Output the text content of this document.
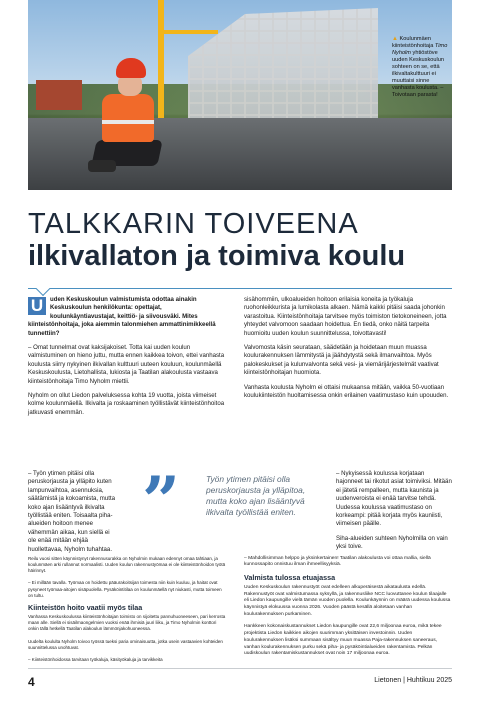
▲ Koulunmäen kiinteistönhoitaja Timo Nyholm yhtiöstöve uuden Keskuskoulun sohteen on se, että ilkivaltakulttuuri ei muuttaisi sinne vanhasta koulusta. – Toivotaan parasta!
TALKKARIN TOIVEENA
ilkivallaton ja toimiva koulu

U	uden Keskuskoulun valmistumista odottaa ainakin Keskuskoulun henkilökunta: opettajat, koulunkäyntiavustajat, keittiö- ja siivousväki. Mites kiinteistönhoitaja, joka aiemmin talonmiehen ammattinimikkeellä tunnettiin?

– Omat tunnelmat ovat kaksijakoiset. Totta kai uuden koulun valmistuminen on hieno juttu, mutta ennen kaikkea toivon, ettei vanhasta koulusta siirry nykyinen ilkivallan kulttuuri uuteen kouluun, koulunmäellä Keskuskoulusta, Lietohallista, lukiosta ja Taatilan alakoulusta vastaava kiinteistönhoitaja Timo Nyholm miettii.

Nyholm on ollut Liedon palveluksessa kohta 19 vuotta, joista viimeiset kolme koulunmäellä. Ilkivalta ja roskaaminen työllistävät kiinteistönhoitoa jatkuvasti enemmän.

– Työn ytimen pitäisi olla peruskorjausta ja ylläpito kuten lampunvaihtoa, asennuksia, säätämistä ja kokoamista, mutta koko ajan lisääntyvä ilkivalta työllistää eniten. Toisaalta piha-alueiden hoitoon menee vähemmän aikaa, kun siellä ei ole enää mitään ehjää huollettavaa, Nyholm tuhahtaa.
”	Työn ytimen pitäisi olla peruskorjausta ja ylläpitoa, mutta koko ajan lisääntyvä ilkivalta työllistää eniten.

– Nykyisessä koulussa korjataan hajonneet tai rikotut asiat toimiviksi. Mitään ei jätetä rempalleen, mutta kaunista ja uudenveroista ei enää tarvitse tehdä. Uudessa koulussa vaatimustaso on korkeampi: pitää korjata myös kauniisti, viimeisen päälle.

Siha-alueiden suhteen Nyholmilla on vain yksi toive.

Reilu vuosi sitten käynnistynyt rakennusurakka on Nyholmin mukaan edennyt omaa tahtiaan, ja koulunmäen arki rullannut normaalisti. Uuden koulun rakennustyömaa ei ole kiinteistönhoidon työtä häirinnyt.

– Ei millään tavalla. Työmaa on hoidettu pääurakoitsijan toimesta niin kuin kuuluu, ja haitat ovat pysyneet työmaa-aitojen sisäpuolella. Pysäköintitilaa on koulunmäellä nyt niukasti, mutta toimeen on tultu.

Kiinteistön hoito vaatii myös tilaa

Vanhassa Keskuskoulussa kiinteistönhoitajan toimisto on sijoitettu pannuhuoneeseen, pari kerrosta maan alle. Siellä ei sisäilmaongelmien vuoksi enää ihmisiä juuri liiku, ja Timo Nyholmin konttori onkin tällä hetkellä Taatilan alakoulun lämmönjakohuoneessa.

Uudelta koululta Nyholm toivoo työssä tueksi paria ominaisuutta, jotka usein vastaavien kohteiden suunnittelussa unohtuvat.

– Kiinteistönhoidossa tarvitaan työkaluja, käsityökaluja ja tarvikkeita

sisähommiin, ulkoalueiden hoitoon erilaisia koneita ja työkaluja ruohonleikkurista ja lumikolasta alkaen. Nämä kaikki pitäisi saada johonkin varastoitua. Kiinteistönhoitaja tarvitsee myös toimiston tietokoneineen, jotta yhteydet valvomoon saadaan hoidettua. En tiedä, onko näitä tarpeita huomioitu uuden koulun suunnittelussa, toivottavasti!

Valvomosta käsin seurataan, säädetään ja hoidetaan muun muassa koulurakennuksen lämmitystä ja jäähdytystä sekä ilmanvaihtoa. Myös palokeskukset ja kulunvalvonta sekä vesi- ja viemärijärjestelmät vaativat kiinteistönhoitajan huomiota.

Vanhasta koulusta Nyholm ei ottaisi mukaansa mitään, vaikka 50-vuotiaan koulukiinteistön huoltamisessa onkin erilainen vaatimustaso kuin upouuden.

– Mahdollisimman helppo ja yksinkertainen! Taatilan alakoulusta voi ottaa mallia, siellä kunnossapito onnistuu ilman ihmeellisyyksiä.

Valmista tulossa etuajassa

Uuden Keskuskoulun rakennustyöt ovat edelleen alkuperäisestä aikataulusta edellä. Rakennustyöt ovat valmistumassa syksyllä, ja rakennusliike NCC luovuttanee koulun tilaajalle eli Liedon kaupungille vielä tämän vuoden puolella. Koulunkäynnin on määrä uudessa koulussa käynnistyä elokuussa vuonna 2026. Vuoden päästä kesällä aloitetaan vanhan koulurakennuksen purkaminen.

Hankkeen kokonaiskustannukset Liedon kaupungille ovat 22,6 miljoonaa euroa, mikä tekee projektista Liedon kaikkien aikojen suurimman yksittäisen investoinnin. Uuden koulurakennuksen lisäksi summaan sisältyy muun muassa Paja-rakennuksen saneeraus, vanhan koulurakennuksen purku sekä piha- ja pysäköintialueiden rakentamista. Pelkän uudiskoulun rakentamiskustannukset ovat noin 17 miljoonaa euroa.

4	Lietonen | Huhtikuu 2025
